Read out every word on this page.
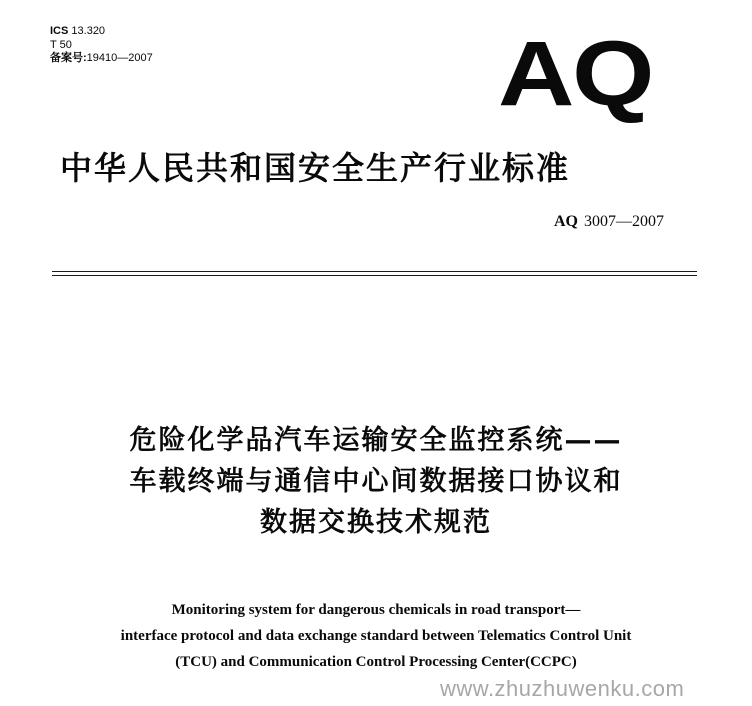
ICS 13.320
T 50
备案号:19410—2007	AQ
中华人民共和国安全生产行业标准
AQ 3007—2007
危险化学品汽车运输安全监控系统——
车载终端与通信中心间数据接口协议和
数据交换技术规范
Monitoring system for dangerous chemicals in road transport—
interface protocol and data exchange standard between Telematics Control Unit
(TCU) and Communication Control Processing Center(CCPC)
www.zhuzhuwenku.com
